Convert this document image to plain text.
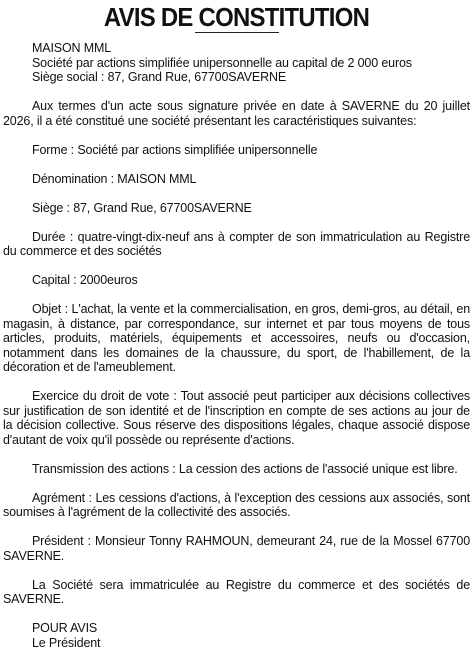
AVIS DE CONSTITUTION
MAISON MML
Société par actions simplifiée unipersonnelle au capital de 2 000 euros
Siège social : 87, Grand Rue, 67700SAVERNE
Aux termes d'un acte sous signature privée en date à SAVERNE du 20 juillet 2026, il a été constitué une société présentant les caractéristiques suivantes:
Forme : Société par actions simplifiée unipersonnelle
Dénomination : MAISON MML
Siège : 87, Grand Rue, 67700SAVERNE
Durée : quatre-vingt-dix-neuf ans à compter de son immatriculation au Registre du commerce et des sociétés
Capital : 2000euros
Objet : L'achat, la vente et la commercialisation, en gros, demi-gros, au détail, en magasin, à distance, par correspondance, sur internet et par tous moyens de tous articles, produits, matériels, équipements et accessoires, neufs ou d'occasion, notamment dans les domaines de la chaussure, du sport, de l'habillement, de la décoration et de l'ameublement.
Exercice du droit de vote : Tout associé peut participer aux décisions collectives sur justification de son identité et de l'inscription en compte de ses actions au jour de la décision collective. Sous réserve des dispositions légales, chaque associé dispose d'autant de voix qu'il possède ou représente d'actions.
Transmission des actions : La cession des actions de l'associé unique est libre.
Agrément : Les cessions d'actions, à l'exception des cessions aux associés, sont soumises à l'agrément de la collectivité des associés.
Président : Monsieur Tonny RAHMOUN, demeurant 24, rue de la Mossel 67700 SAVERNE.
La Société sera immatriculée au Registre du commerce et des sociétés de SAVERNE.
POUR AVIS
Le Président
